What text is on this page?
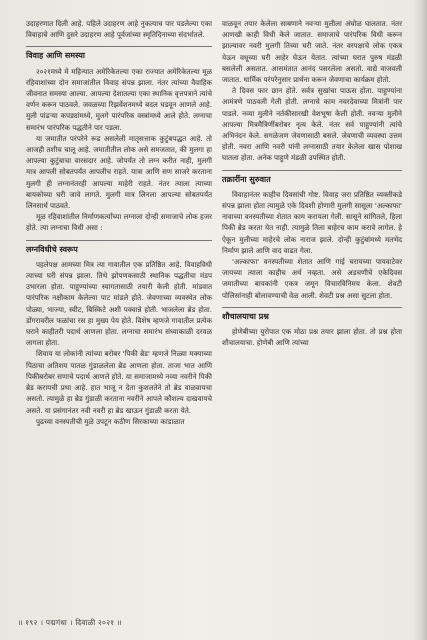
उदाहरणात दिली आहे. पहिले उदाहरण आहे नुकत्याच पार पडलेल्या एका विवाहाचे आणि दुसरे उदाहरण आहे पूर्वजांच्या स्मृतिदिनाच्या संदर्भातले.

विवाह आणि समस्या

२०२१मध्ये मे महिन्यात अमेरिकेतल्या एका राज्यात अमेरिकेतल्या मूळ रहिवाशांच्या दोन समाजांतील विवाह संपन्न झाला. नंतर त्यांच्या वैवाहिक जीवनात समस्या आल्या. आपल्या देशातल्या एका स्थानिक वृत्तपत्राने त्यांचे वर्णन करून पाठवले. जवळच्या रिझर्वेशनमध्ये बदल घडवून आणले आहे. मुली पांढऱ्या कपड्यांमध्ये, मुलगे पारंपरिक वस्त्रांमध्ये आले होते. लग्नाचा समारंभ पारंपरिक पद्धतीने पार पडला.

या जमातीत परंपरेने रूढ असलेली मातृसत्ताक कुटुंबपद्धत आहे. तो आजही तशीच चालू आहे. जमातीतील लोक असे समजतात, की मुलगा हा आपल्या कुटुंबाचा वारसदार आहे. जोपर्यंत तो लग्न करीत नाही, मुलगी मात्र आपली सोबतपर्यंत आपलीच राहते. यात्रा आणि सण साजरे करताना मुलगी ही लग्नानंतरही आपल्या माहेरी राहते. नंतर त्याला त्याच्या बायकोच्या घरी जावे लागते. मुलगी मात्र लिनला आपल्या सोबतपर्यंत लिनसार्थ पाठवते.

मूळ रहिवाशांतील निर्माणकर्त्यांच्या लग्नाला दोन्ही समाजाचे लोक हजर होते. त्या लग्नाचा विधी असा :

लग्नविधीचे स्वरूप

पहलेपक्ष आमच्या मित्र त्या गावातील एक प्रतिष्ठित आहे. विवाहविधी त्याच्या घरी संपन्न झाला. तिथे झोपणकसाठी स्थानिक पद्धतीचा मंडप उभारला होता. पाहुण्यांच्या स्वागतासाठी तयारी केली होती. मांडवात पारंपरिक नक्षीकाम केलेल्या पाट मांडले होते. जेवणाच्या व्यवस्थेत लोक पोळ्या, भाज्या, स्वीट, बिस्किटे अशी पक्वान्ने होती. भाजलेला ब्रेड होता. डोंगरावरील फळांचा रस हा मुख्य पेय होते. विशेष म्हणजे गावातील प्रत्येक घराने काहीतरी पदार्थ आणला होता. लग्नाचा समारंभ संध्याकाळी दरवळ लागला होता.

शिवाय या लोकांनी त्यांच्या बरोबर 'पिकी ब्रेड' म्हणजे निळ्या मक्याच्या पिठाचा अतिशय पातळ गुंडाळलेला ब्रेड आणला होता. ताजा भात आणि पिकीबरोबर सणाचे पदार्थ आणले होते. या समाजामध्ये नव्या नवरीने पिकी ब्रेड करायची प्रथा आहे. हात भाजू न देता कुशलतेने तो ब्रेड वाळवायचा असतो. त्यामुळे हा ब्रेड गुंडाळी करताना नवरीने आपले कौशल्य दाखवायचे असते. या प्रसंगानंतर नवी नवरी हा ब्रेड खाऊन गुंडाळी करता येते.

पुढच्या वनस्पतीची मुळे उपटून कठीण सिरकाच्या काडाळात

वाळवून तयार केलेला साबणाने नवऱ्या मुलीला अंघोळ घालतात. नंतर आणखी काही विधी केले जातात. समाजाचे पारंपरिक विधी करून झाल्यावर नवरी मुलगी तिच्या घरी जाते. नंतर वरपक्षाचे लोक एकत्र येऊन वधूच्या घरी आहेर घेऊन येतात. त्यांच्या घरात पुरुष मंडळी बसलेली असतात. आसमंतात आनंद पसरलेला असतो. वाद्ये वाजवली जातात. धार्मिक परंपरेनुसार प्रार्थना करून जेवणाचा कार्यक्रम होतो.

ते दिवस फार छान होते. सर्वत्र सुखांचा पाऊस होता. पाहुण्यांना आमंत्रणे पाठवली गेली होती. लग्नाचे काम नवरदेवाच्या मित्रांनी पार पाडले. नव्या मुलीने नर्तकीसारखी वेशभूषा केली होती. नवऱ्या मुलीने आपल्या मित्रमैत्रिणींबरोबर नृत्य केले. नंतर सर्व पाहुण्यांनी त्यांचे अभिनंदन केले. सगळेजण जेवणासाठी बसले. जेवणाची व्यवस्था उत्तम होती. नवरा आणि नवरी यांनी लग्नासाठी तयार केलेला खास पोशाख घातला होता. अनेक पाहुणे मंडळी उपस्थित होती.

तक्रारींना सुरुवात

विवाहानंतर काहीच दिवसांची गोष्ट. विवाह जरा प्रतिष्ठित व्यक्तीकडे संपन्न झाला होता त्यामुळे एके दिवशी होणारी मुलगी सासूला 'अल्काफा' नावाच्या वनस्पतीच्या शेतात काम करायला गेली. सासूने सांगितले, हिला पिकी ब्रेड करता येत नाही. त्यामुळे तिला बाहेरच काम करावे लागेल. हे ऐकून मुलीच्या माहेरचे लोक नाराज झाले. दोन्ही कुटुंबांमध्ये मतभेद निर्माण झाले आणि वाद वाढत गेला.

'अल्काफा' वनस्पतीच्या शेतात आणि गाई चरायच्या पायवाटेवर जायच्या त्याला काहीच अर्थ नव्हता. असे अडचणीचे एकेदिवस जमातीच्या बायकांनी एकत्र जमून विचारविनिमय केला. शेवटी पोलिसांनाही बोलावण्याची वेळ आली. शेवटी प्रश्न असा सुटला होता.

शौचालयाचा प्रश्न

होणेबीच्या युरोपात एक मोठा प्रश्न तयार झाला होता. तो प्रश्न होता शौचालयाचा. होणेबी आणि त्यांच्या

॥ १९२ । पद्मगंधा । दिवाळी २०२१ ॥
